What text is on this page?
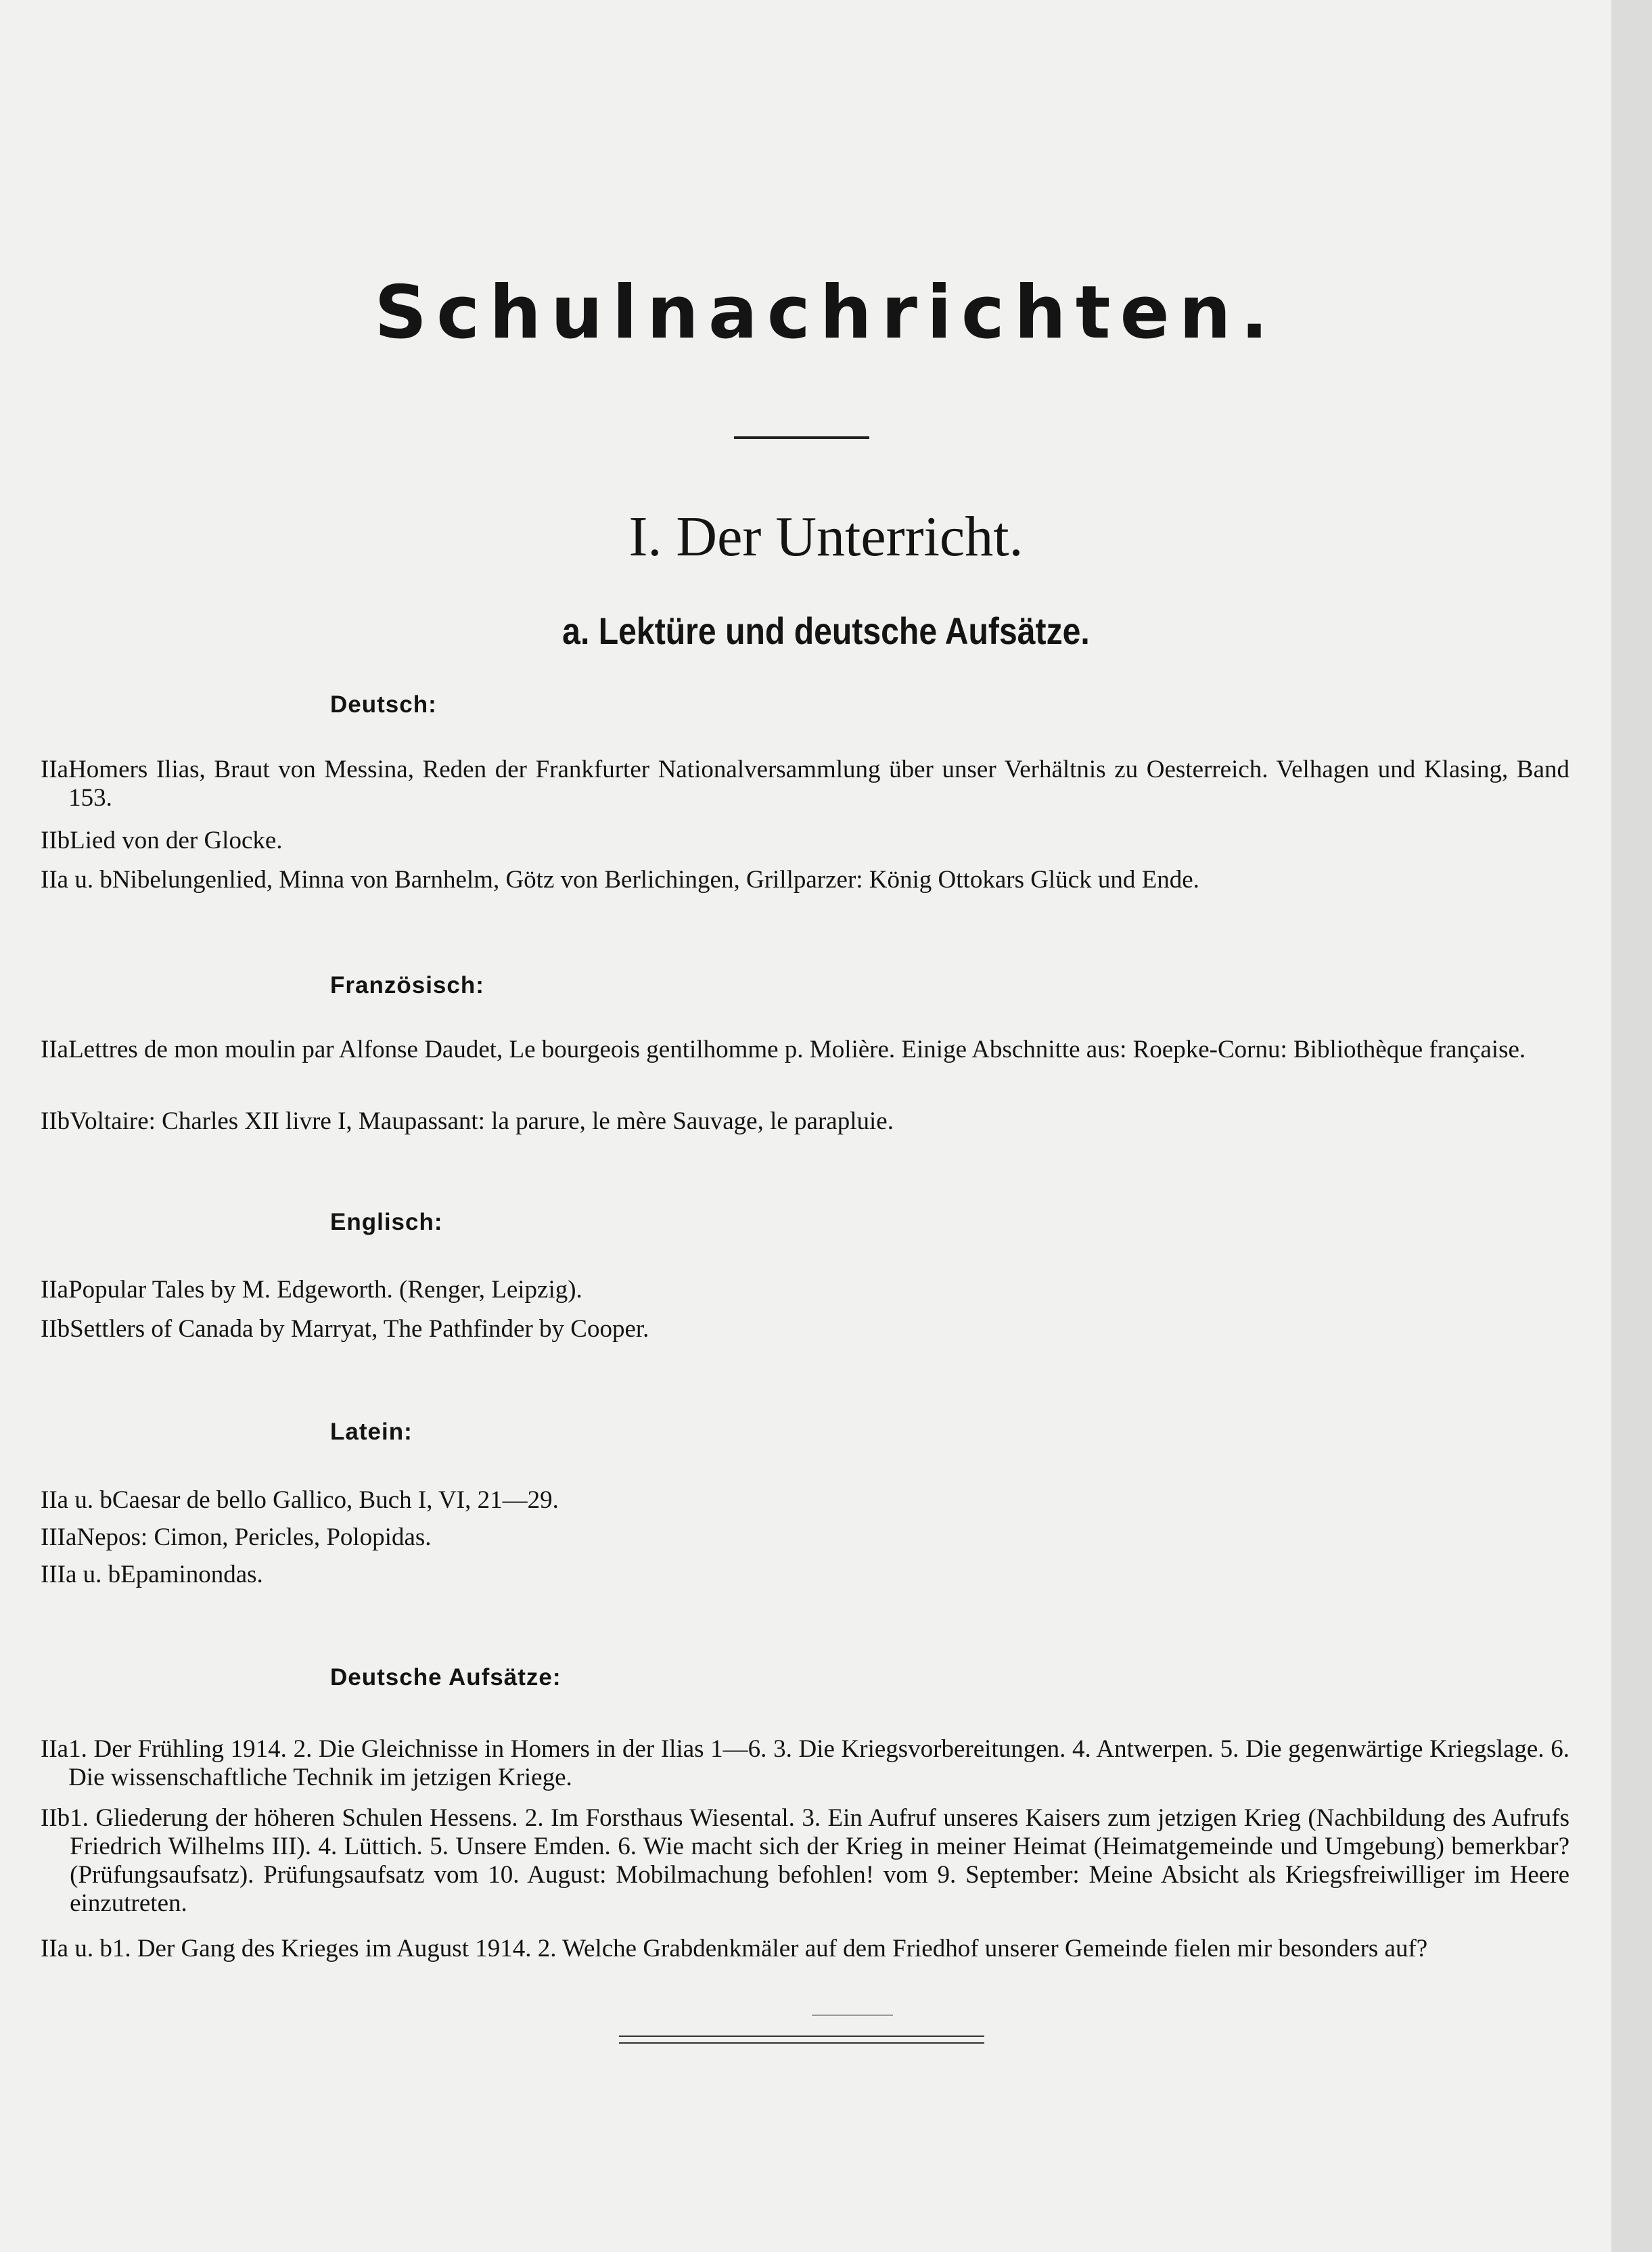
Schulnachrichten.
I. Der Unterricht.
a. Lektüre und deutsche Aufsätze.
Deutsch:
IIa Homers Ilias, Braut von Messina, Reden der Frankfurter Nationalversammlung über unser Verhältnis zu Oesterreich. Velhagen und Klasing, Band 153.
IIb Lied von der Glocke.
IIa u. b Nibelungenlied, Minna von Barnhelm, Götz von Berlichingen, Grillparzer: König Ottokars Glück und Ende.
Französisch:
IIa Lettres de mon moulin par Alfonse Daudet, Le bourgeois gentilhomme p. Molière. Einige Abschnitte aus: Roepke-Cornu: Bibliothèque française.
IIb Voltaire: Charles XII livre I, Maupassant: la parure, le mère Sauvage, le parapluie.
Englisch:
IIa Popular Tales by M. Edgeworth. (Renger, Leipzig).
IIb Settlers of Canada by Marryat, The Pathfinder by Cooper.
Latein:
IIa u. b Caesar de bello Gallico, Buch I, VI, 21—29.
IIIa Nepos: Cimon, Pericles, Polopidas.
IIIa u. b Epaminondas.
Deutsche Aufsätze:
IIa 1. Der Frühling 1914. 2. Die Gleichnisse in Homers in der Ilias 1—6. 3. Die Kriegsvorbereitungen. 4. Antwerpen. 5. Die gegenwärtige Kriegslage. 6. Die wissenschaftliche Technik im jetzigen Kriege.
IIb 1. Gliederung der höheren Schulen Hessens. 2. Im Forsthaus Wiesental. 3. Ein Aufruf unseres Kaisers zum jetzigen Krieg (Nachbildung des Aufrufs Friedrich Wilhelms III). 4. Lüttich. 5. Unsere Emden. 6. Wie macht sich der Krieg in meiner Heimat (Heimatgemeinde und Umgebung) bemerkbar? (Prüfungsaufsatz). Prüfungsaufsatz vom 10. August: Mobilmachung befohlen! vom 9. September: Meine Absicht als Kriegsfreiwilliger im Heere einzutreten.
IIa u. b 1. Der Gang des Krieges im August 1914. 2. Welche Grabdenkmäler auf dem Friedhof unserer Gemeinde fielen mir besonders auf?
